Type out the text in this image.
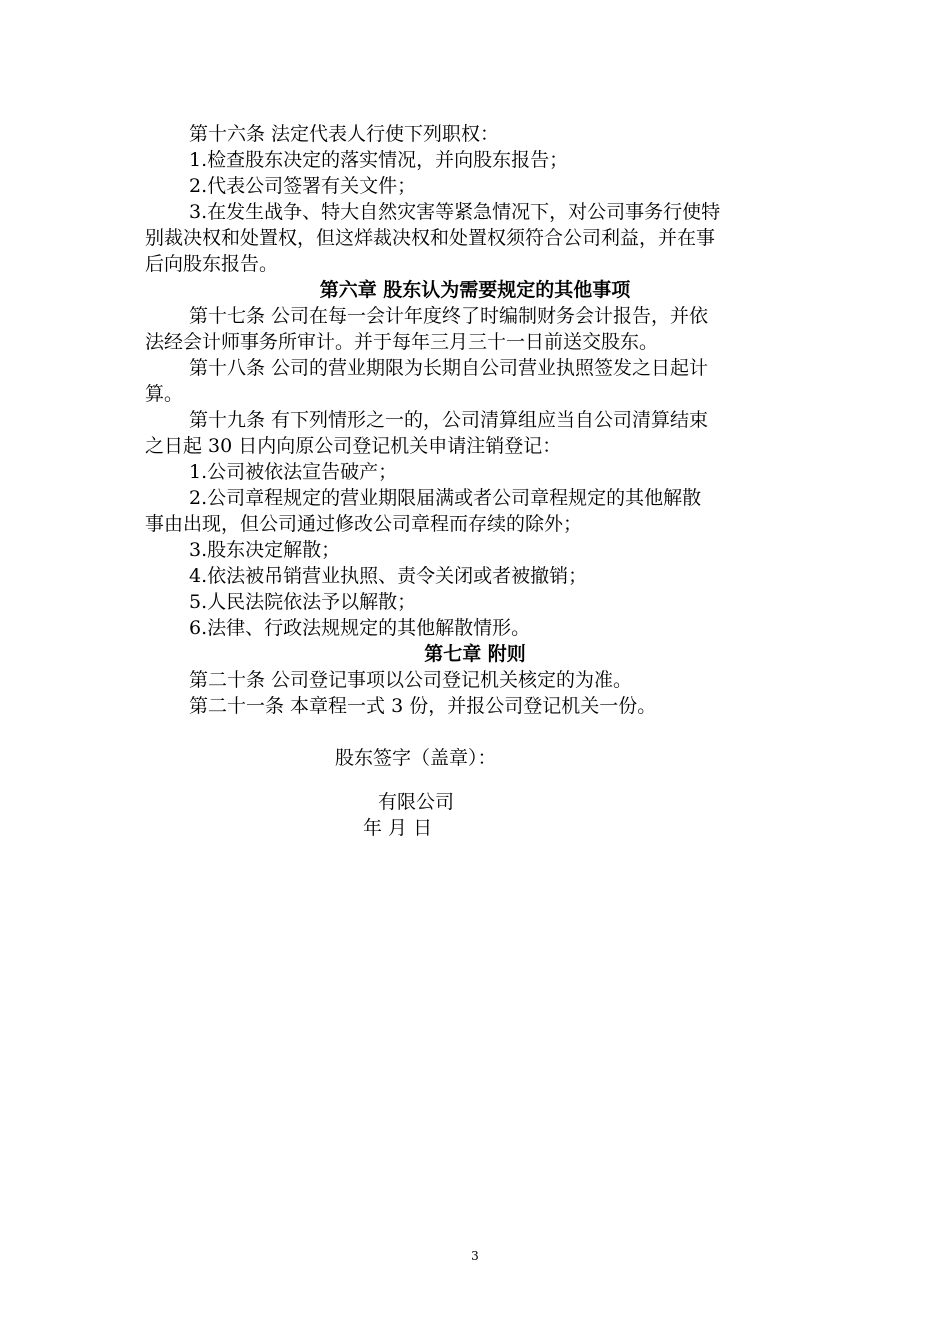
第十六条 法定代表人行使下列职权：
1.检查股东决定的落实情况，并向股东报告；
2.代表公司签署有关文件；
3.在发生战争、特大自然灾害等紧急情况下，对公司事务行使特
别裁决权和处置权，但这烊裁决权和处置权须符合公司利益，并在事
后向股东报告。
第六章 股东认为需要规定的其他事项
第十七条 公司在每一会计年度终了时编制财务会计报告，并依
法经会计师事务所审计。并于每年三月三十一日前送交股东。
第十八条 公司的营业期限为长期自公司营业执照签发之日起计
算。
第十九条 有下列情形之一的，公司清算组应当自公司清算结束
之日起 30 日内向原公司登记机关申请注销登记：
1.公司被依法宣告破产；
2.公司章程规定的营业期限届满或者公司章程规定的其他解散
事由出现，但公司通过修改公司章程而存续的除外；
3.股东决定解散；
4.依法被吊销营业执照、责令关闭或者被撤销；
5.人民法院依法予以解散；
6.法律、行政法规规定的其他解散情形。
第七章 附则
第二十条 公司登记事项以公司登记机关核定的为准。
第二十一条 本章程一式 3 份，并报公司登记机关一份。
股东签字（盖章）：
有限公司
年 月 日
3
